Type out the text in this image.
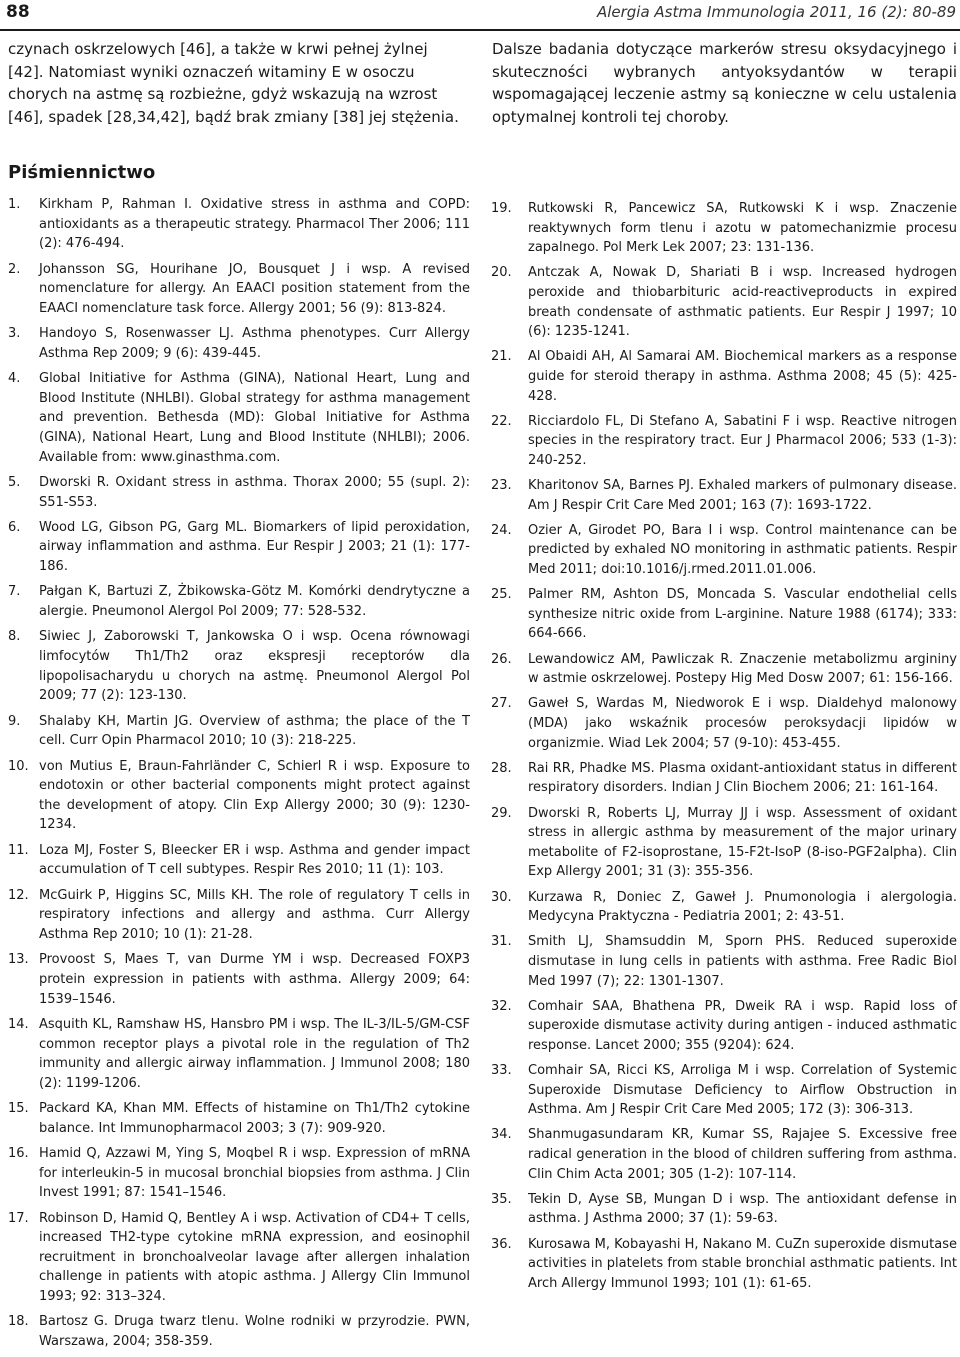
88	Alergia Astma Immunologia 2011, 16 (2): 80-89
czynach oskrzelowych [46], a także w krwi pełnej żylnej [42]. Natomiast wyniki oznaczeń witaminy E w osoczu chorych na astmę są rozbieżne, gdyż wskazują na wzrost [46], spadek [28,34,42], bądź brak zmiany [38] jej stężenia.
Dalsze badania dotyczące markerów stresu oksydacyjnego i skuteczności wybranych antyoksydantów w terapii wspomagającej leczenie astmy są konieczne w celu ustalenia optymalnej kontroli tej choroby.
Piśmiennictwo
1.	Kirkham P, Rahman I. Oxidative stress in asthma and COPD: antioxidants as a therapeutic strategy. Pharmacol Ther 2006; 111 (2): 476-494.
2.	Johansson SG, Hourihane JO, Bousquet J i wsp. A revised nomenclature for allergy. An EAACI position statement from the EAACI nomenclature task force. Allergy 2001; 56 (9): 813-824.
3.	Handoyo S, Rosenwasser LJ. Asthma phenotypes. Curr Allergy Asthma Rep 2009; 9 (6): 439-445.
4.	Global Initiative for Asthma (GINA), National Heart, Lung and Blood Institute (NHLBI). Global strategy for asthma management and prevention. Bethesda (MD): Global Initiative for Asthma (GINA), National Heart, Lung and Blood Institute (NHLBI); 2006. Available from: www.ginasthma.com.
5.	Dworski R. Oxidant stress in asthma. Thorax 2000; 55 (supl. 2): S51-S53.
6.	Wood LG, Gibson PG, Garg ML. Biomarkers of lipid peroxidation, airway inflammation and asthma. Eur Respir J 2003; 21 (1): 177-186.
7.	Pałgan K, Bartuzi Z, Żbikowska-Götz M. Komórki dendrytyczne a alergie. Pneumonol Alergol Pol 2009; 77: 528-532.
8.	Siwiec J, Zaborowski T, Jankowska O i wsp. Ocena równowagi limfocytów Th1/Th2 oraz ekspresji receptorów dla lipopolisacharydu u chorych na astmę. Pneumonol Alergol Pol 2009; 77 (2): 123-130.
9.	Shalaby KH, Martin JG. Overview of asthma; the place of the T cell. Curr Opin Pharmacol 2010; 10 (3): 218-225.
10. von Mutius E, Braun-Fahrländer C, Schierl R i wsp. Exposure to endotoxin or other bacterial components might protect against the development of atopy. Clin Exp Allergy 2000; 30 (9): 1230-1234.
11. Loza MJ, Foster S, Bleecker ER i wsp. Asthma and gender impact accumulation of T cell subtypes. Respir Res 2010; 11 (1): 103.
12. McGuirk P, Higgins SC, Mills KH. The role of regulatory T cells in respiratory infections and allergy and asthma. Curr Allergy Asthma Rep 2010; 10 (1): 21-28.
13. Provoost S, Maes T, van Durme YM i wsp. Decreased FOXP3 protein expression in patients with asthma. Allergy 2009; 64: 1539–1546.
14. Asquith KL, Ramshaw HS, Hansbro PM i wsp. The IL-3/IL-5/GM-CSF common receptor plays a pivotal role in the regulation of Th2 immunity and allergic airway inflammation. J Immunol 2008; 180 (2): 1199-1206.
15. Packard KA, Khan MM. Effects of histamine on Th1/Th2 cytokine balance. Int Immunopharmacol 2003; 3 (7): 909-920.
16. Hamid Q, Azzawi M, Ying S, Moqbel R i wsp. Expression of mRNA for interleukin-5 in mucosal bronchial biopsies from asthma. J Clin Invest 1991; 87: 1541–1546.
17. Robinson D, Hamid Q, Bentley A i wsp. Activation of CD4+ T cells, increased TH2-type cytokine mRNA expression, and eosinophil recruitment in bronchoalveolar lavage after allergen inhalation challenge in patients with atopic asthma. J Allergy Clin Immunol 1993; 92: 313–324.
18. Bartosz G. Druga twarz tlenu. Wolne rodniki w przyrodzie. PWN, Warszawa, 2004; 358-359.
19.	Rutkowski R, Pancewicz SA, Rutkowski K i wsp. Znaczenie reaktywnych form tlenu i azotu w patomechanizmie procesu zapalnego. Pol Merk Lek 2007; 23: 131-136.
20.	Antczak A, Nowak D, Shariati B i wsp. Increased hydrogen peroxide and thiobarbituric acid-reactiveproducts in expired breath condensate of asthmatic patients. Eur Respir J 1997; 10 (6): 1235-1241.
21.	Al Obaidi AH, Al Samarai AM. Biochemical markers as a response guide for steroid therapy in asthma. Asthma 2008; 45 (5): 425-428.
22.	Ricciardolo FL, Di Stefano A, Sabatini F i wsp. Reactive nitrogen species in the respiratory tract. Eur J Pharmacol 2006; 533 (1-3): 240-252.
23.	Kharitonov SA, Barnes PJ. Exhaled markers of pulmonary disease. Am J Respir Crit Care Med 2001; 163 (7): 1693-1722.
24.	Ozier A, Girodet PO, Bara I i wsp. Control maintenance can be predicted by exhaled NO monitoring in asthmatic patients. Respir Med 2011; doi:10.1016/j.rmed.2011.01.006.
25.	Palmer RM, Ashton DS, Moncada S. Vascular endothelial cells synthesize nitric oxide from L-arginine. Nature 1988 (6174); 333: 664-666.
26.	Lewandowicz AM, Pawliczak R. Znaczenie metabolizmu argininy w astmie oskrzelowej. Postepy Hig Med Dosw 2007; 61: 156-166.
27.	Gaweł S, Wardas M, Niedworok E i wsp. Dialdehyd malonowy (MDA) jako wskaźnik procesów peroksydacji lipidów w organizmie. Wiad Lek 2004; 57 (9-10): 453-455.
28.	Rai RR, Phadke MS. Plasma oxidant-antioxidant status in different respiratory disorders. Indian J Clin Biochem 2006; 21: 161-164.
29.	Dworski R, Roberts LJ, Murray JJ i wsp. Assessment of oxidant stress in allergic asthma by measurement of the major urinary metabolite of F2-isoprostane, 15-F2t-IsoP (8-iso-PGF2alpha). Clin Exp Allergy 2001; 31 (3): 355-356.
30.	Kurzawa R, Doniec Z, Gaweł J. Pnumonologia i alergologia. Medycyna Praktyczna - Pediatria 2001; 2: 43-51.
31.	Smith LJ, Shamsuddin M, Sporn PHS. Reduced superoxide dismutase in lung cells in patients with asthma. Free Radic Biol Med 1997 (7); 22: 1301-1307.
32.	Comhair SAA, Bhathena PR, Dweik RA i wsp. Rapid loss of superoxide dismutase activity during antigen - induced asthmatic response. Lancet 2000; 355 (9204): 624.
33.	Comhair SA, Ricci KS, Arroliga M i wsp. Correlation of Systemic Superoxide Dismutase Deficiency to Airflow Obstruction in Asthma. Am J Respir Crit Care Med 2005; 172 (3): 306-313.
34.	Shanmugasundaram KR, Kumar SS, Rajajee S. Excessive free radical generation in the blood of children suffering from asthma. Clin Chim Acta 2001; 305 (1-2): 107-114.
35.	Tekin D, Ayse SB, Mungan D i wsp. The antioxidant defense in asthma. J Asthma 2000; 37 (1): 59-63.
36.	Kurosawa M, Kobayashi H, Nakano M. CuZn superoxide dismutase activities in platelets from stable bronchial asthmatic patients. Int Arch Allergy Immunol 1993; 101 (1): 61-65.
